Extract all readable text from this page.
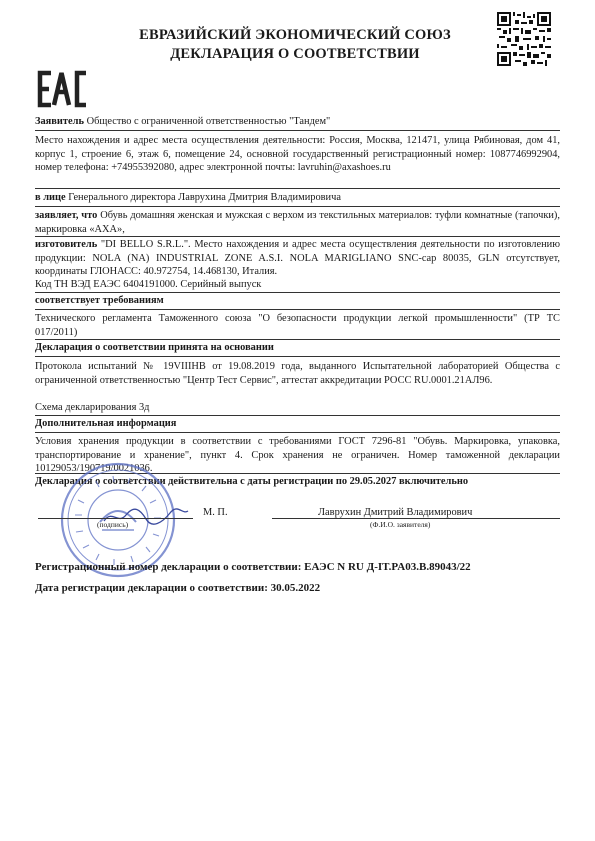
ЕВРАЗИЙСКИЙ ЭКОНОМИЧЕСКИЙ СОЮЗ
ДЕКЛАРАЦИЯ О СООТВЕТСТВИИ
Заявитель Общество с ограниченной ответственностью "Тандем"
Место нахождения и адрес места осуществления деятельности: Россия, Москва, 121471, улица Рябиновая, дом 41, корпус 1, строение 6, этаж 6, помещение 24, основной государственный регистрационный номер: 1087746992904, номер телефона: +74955392080, адрес электронной почты: lavruhin@axashoes.ru
в лице Генерального директора Лаврухина Дмитрия Владимировича
заявляет, что Обувь домашняя женская и мужская с верхом из текстильных материалов: туфли комнатные (тапочки), маркировка «AXA»,
изготовитель "DI BELLO S.R.L.". Место нахождения и адрес места осуществления деятельности по изготовлению продукции: NOLA (NA) INDUSTRIAL ZONE A.S.I. NOLA MARIGLIANO SNC-cap 80035, GLN отсутствует, координаты ГЛОНАСС: 40.972754, 14.468130, Италия.
Код ТН ВЭД ЕАЭС 6404191000. Серийный выпуск
соответствует требованиям
Технического регламента Таможенного союза "О безопасности продукции легкой промышленности" (ТР ТС 017/2011)
Декларация о соответствии принята на основании
Протокола испытаний № 19VIIIНВ от 19.08.2019 года, выданного Испытательной лабораторией Общества с ограниченной ответственностью "Центр Тест Сервис", аттестат аккредитации РОСС RU.0001.21АЛ96.
Схема декларирования 3д
Дополнительная информация
Условия хранения продукции в соответствии с требованиями ГОСТ 7296-81 "Обувь. Маркировка, упаковка, транспортирование и хранение", пункт 4. Срок хранения не ограничен. Номер таможенной декларации 10129053/190719/0021036.
Декларация о соответствии действительна с даты регистрации по 29.05.2027 включительно
(подпись)
М. П.	Лаврухин Дмитрий Владимирович
(Ф.И.О. заявителя)
Регистрационный номер декларации о соответствии: ЕАЭС N RU Д-IT.PA03.B.89043/22
Дата регистрации декларации о соответствии: 30.05.2022
